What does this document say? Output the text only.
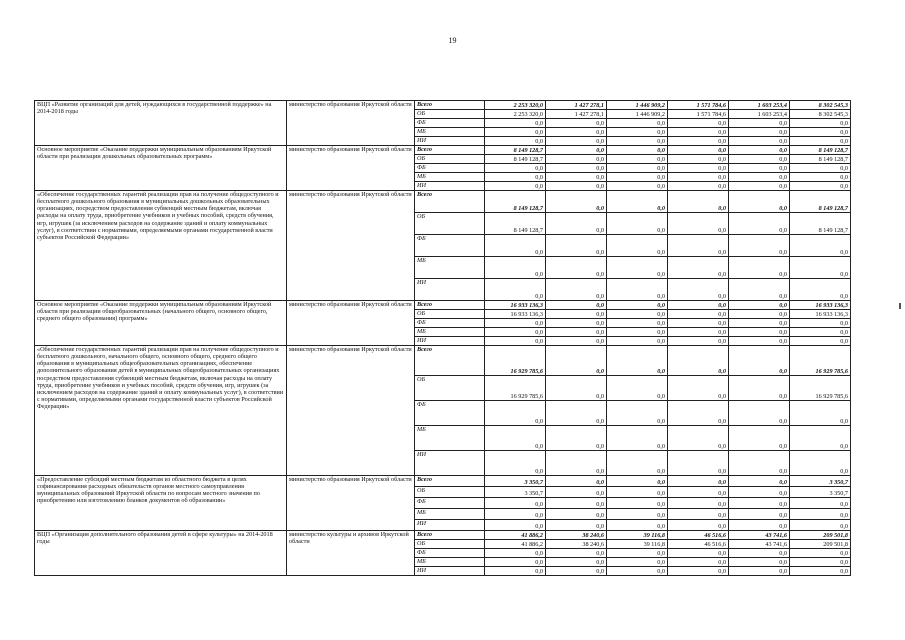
19
ВЦП «Развитие организаций для детей, нуждающихся в государственной поддержке» на 2014-2018 годы	министерство образования Иркутской области	Всего	2 253 320,0	1 427 278,1	1 446 909,2	1 571 784,6	1 603 253,4	8 302 545,3
		ОБ	2 253 320,0	1 427 278,1	1 446 909,2	1 571 784,6	1 603 253,4	8 302 545,3
		ФБ	0,0	0,0	0,0	0,0	0,0	0,0
		МБ	0,0	0,0	0,0	0,0	0,0	0,0
		ИИ	0,0	0,0	0,0	0,0	0,0	0,0
Основное мероприятие «Оказание поддержки муниципальным образованиям Иркутской области при реализации дошкольных образовательных программ»	министерство образования Иркутской области	Всего	8 149 128,7	0,0	0,0	0,0	0,0	8 149 128,7
		ОБ	8 149 128,7	0,0	0,0	0,0	0,0	8 149 128,7
		ФБ	0,0	0,0	0,0	0,0	0,0	0,0
		МБ	0,0	0,0	0,0	0,0	0,0	0,0
		ИИ	0,0	0,0	0,0	0,0	0,0	0,0
«Обеспечение государственных гарантий реализации прав на получение общедоступного и бесплатного дошкольного образования в муниципальных дошкольных образовательных организациях, посредством предоставления субвенций местным бюджетам, включая расходы на оплату труда, приобретение учебников и учебных пособий, средств обучения, игр, игрушек (за исключением расходов на содержание зданий и оплату коммунальных услуг), в соответствии с нормативами, определяемыми органами государственной власти субъектов Российской Федерации»	министерство образования Иркутской области	Всего	8 149 128,7	0,0	0,0	0,0	0,0	8 149 128,7
		ОБ	8 149 128,7	0,0	0,0	0,0	0,0	8 149 128,7
		ФБ	0,0	0,0	0,0	0,0	0,0	0,0
		МБ	0,0	0,0	0,0	0,0	0,0	0,0
		ИИ	0,0	0,0	0,0	0,0	0,0	0,0
Основное мероприятие «Оказание поддержки муниципальным образованиям Иркутской области при реализации общеобразовательных (начального общего, основного общего, среднего общего образования) программ»	министерство образования Иркутской области	Всего	16 933 136,3	0,0	0,0	0,0	0,0	16 933 136,3
		ОБ	16 933 136,3	0,0	0,0	0,0	0,0	16 933 136,3
		ФБ	0,0	0,0	0,0	0,0	0,0	0,0
		МБ	0,0	0,0	0,0	0,0	0,0	0,0
		ИИ	0,0	0,0	0,0	0,0	0,0	0,0
«Обеспечение государственных гарантий реализации прав на получение общедоступного и бесплатного дошкольного, начального общего, основного общего, среднего общего образования в муниципальных общеобразовательных организациях, обеспечение дополнительного образования детей в муниципальных общеобразовательных организациях посредством предоставления субвенций местным бюджетам, включая расходы на оплату труда, приобретение учебников и учебных пособий, средств обучения, игр, игрушек (за исключением расходов на содержание зданий и оплату коммунальных услуг), в соответствии с нормативами, определяемыми органами государственной власти субъектов Российской Федерации»	министерство образования Иркутской области	Всего	16 929 785,6	0,0	0,0	0,0	0,0	16 929 785,6
		ОБ	16 929 785,6	0,0	0,0	0,0	0,0	16 929 785,6
		ФБ	0,0	0,0	0,0	0,0	0,0	0,0
		МБ	0,0	0,0	0,0	0,0	0,0	0,0
		ИИ	0,0	0,0	0,0	0,0	0,0	0,0
«Предоставление субсидий местным бюджетам из областного бюджета в целях софинансирования расходных обязательств органов местного самоуправления муниципальных образований Иркутской области по вопросам местного значения по приобретению или изготовлению бланков документов об образовании»	министерство образования Иркутской области	Всего	3 350,7	0,0	0,0	0,0	0,0	3 350,7
		ОБ	3 350,7	0,0	0,0	0,0	0,0	3 350,7
		ФБ	0,0	0,0	0,0	0,0	0,0	0,0
		МБ	0,0	0,0	0,0	0,0	0,0	0,0
		ИИ	0,0	0,0	0,0	0,0	0,0	0,0
ВЦП «Организация дополнительного образования детей в сфере культуры» на 2014-2018 годы	министерство культуры и архивов Иркутской области	Всего	41 886,2	38 240,6	39 116,8	46 516,6	43 741,6	209 501,8
		ОБ	41 886,2	38 240,6	39 116,8	46 516,6	43 741,6	209 501,8
		ФБ	0,0	0,0	0,0	0,0	0,0	0,0
		МБ	0,0	0,0	0,0	0,0	0,0	0,0
		ИИ	0,0	0,0	0,0	0,0	0,0	0,0
